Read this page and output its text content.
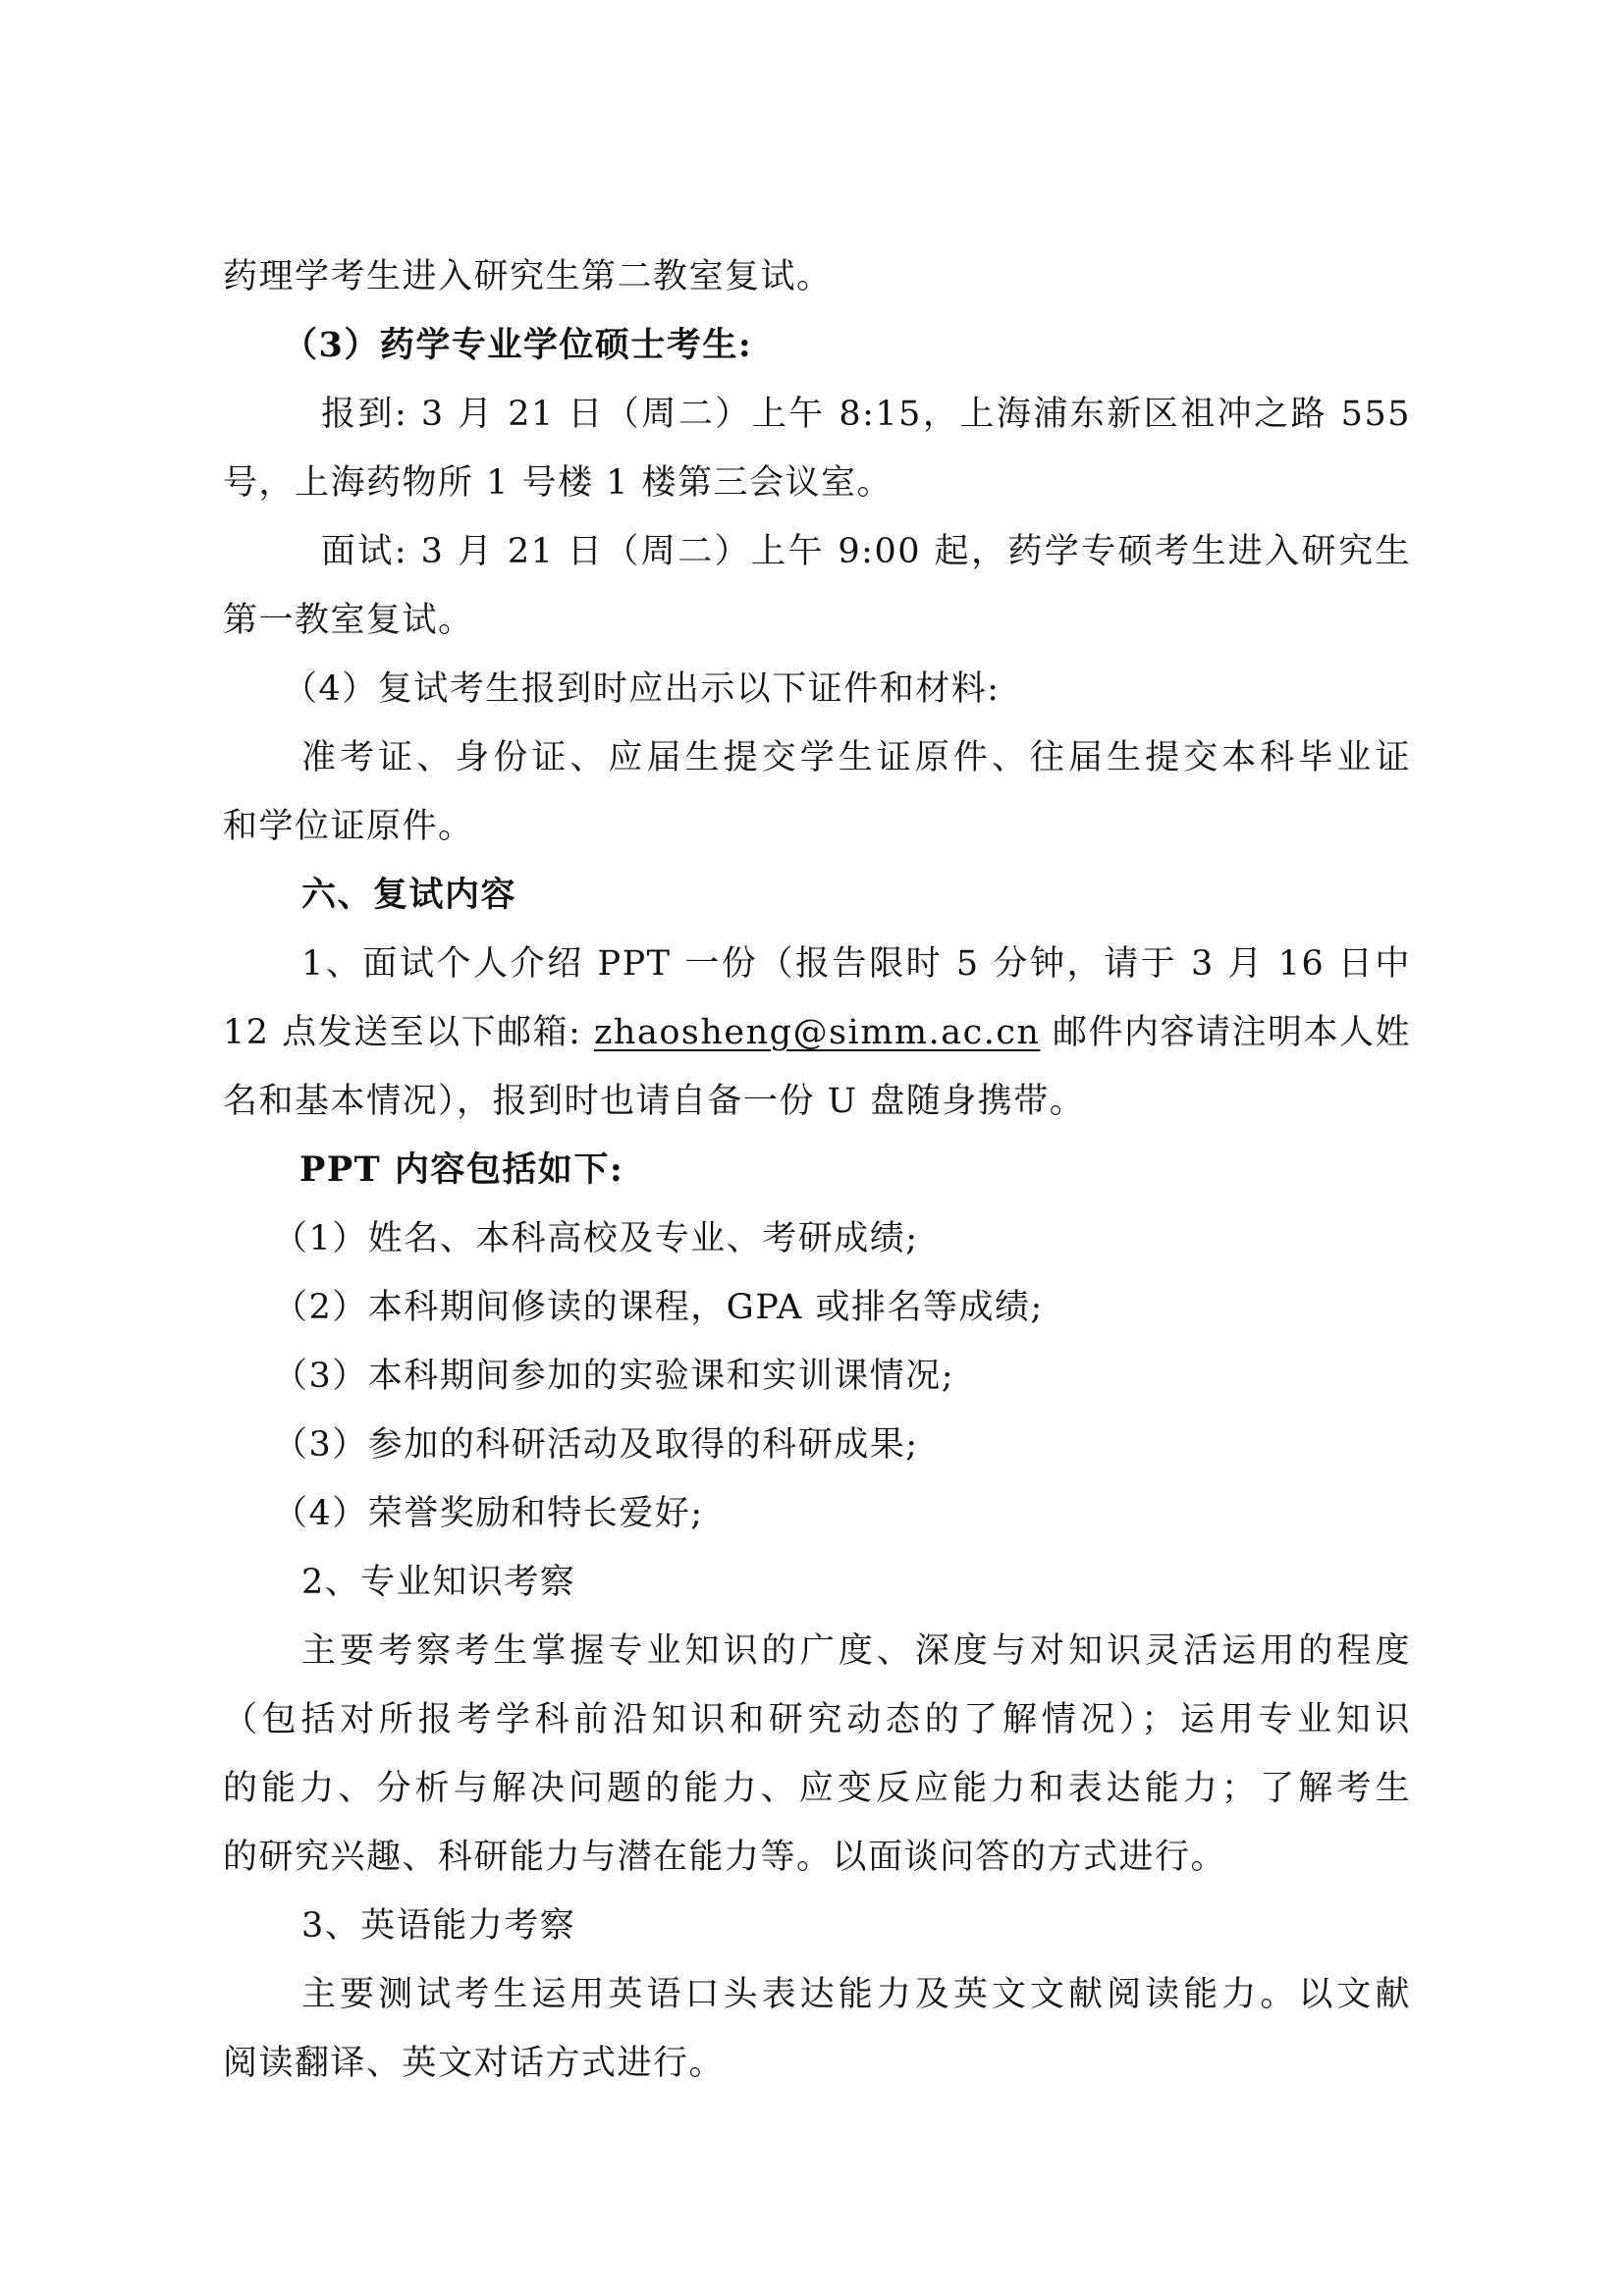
药理学考生进入研究生第二教室复试。
（3）药学专业学位硕士考生:
报到: 3 月 21 日（周二）上午 8:15，上海浦东新区祖冲之路 555
号，上海药物所 1 号楼 1 楼第三会议室。
面试: 3 月 21 日（周二）上午 9:00 起，药学专硕考生进入研究生
第一教室复试。
（4）复试考生报到时应出示以下证件和材料:
准考证、身份证、应届生提交学生证原件、往届生提交本科毕业证
和学位证原件。
六、复试内容
1、面试个人介绍 PPT 一份（报告限时 5 分钟，请于 3 月 16 日中
12 点发送至以下邮箱: zhaosheng@simm.ac.cn 邮件内容请注明本人姓
名和基本情况），报到时也请自备一份 U 盘随身携带。
PPT 内容包括如下:
（1）姓名、本科高校及专业、考研成绩;
（2）本科期间修读的课程，GPA 或排名等成绩;
（3）本科期间参加的实验课和实训课情况;
（3）参加的科研活动及取得的科研成果;
（4）荣誉奖励和特长爱好;
2、专业知识考察
主要考察考生掌握专业知识的广度、深度与对知识灵活运用的程度
（包括对所报考学科前沿知识和研究动态的了解情况）；运用专业知识
的能力、分析与解决问题的能力、应变反应能力和表达能力；了解考生
的研究兴趣、科研能力与潜在能力等。以面谈问答的方式进行。
3、英语能力考察
主要测试考生运用英语口头表达能力及英文文献阅读能力。以文献
阅读翻译、英文对话方式进行。
